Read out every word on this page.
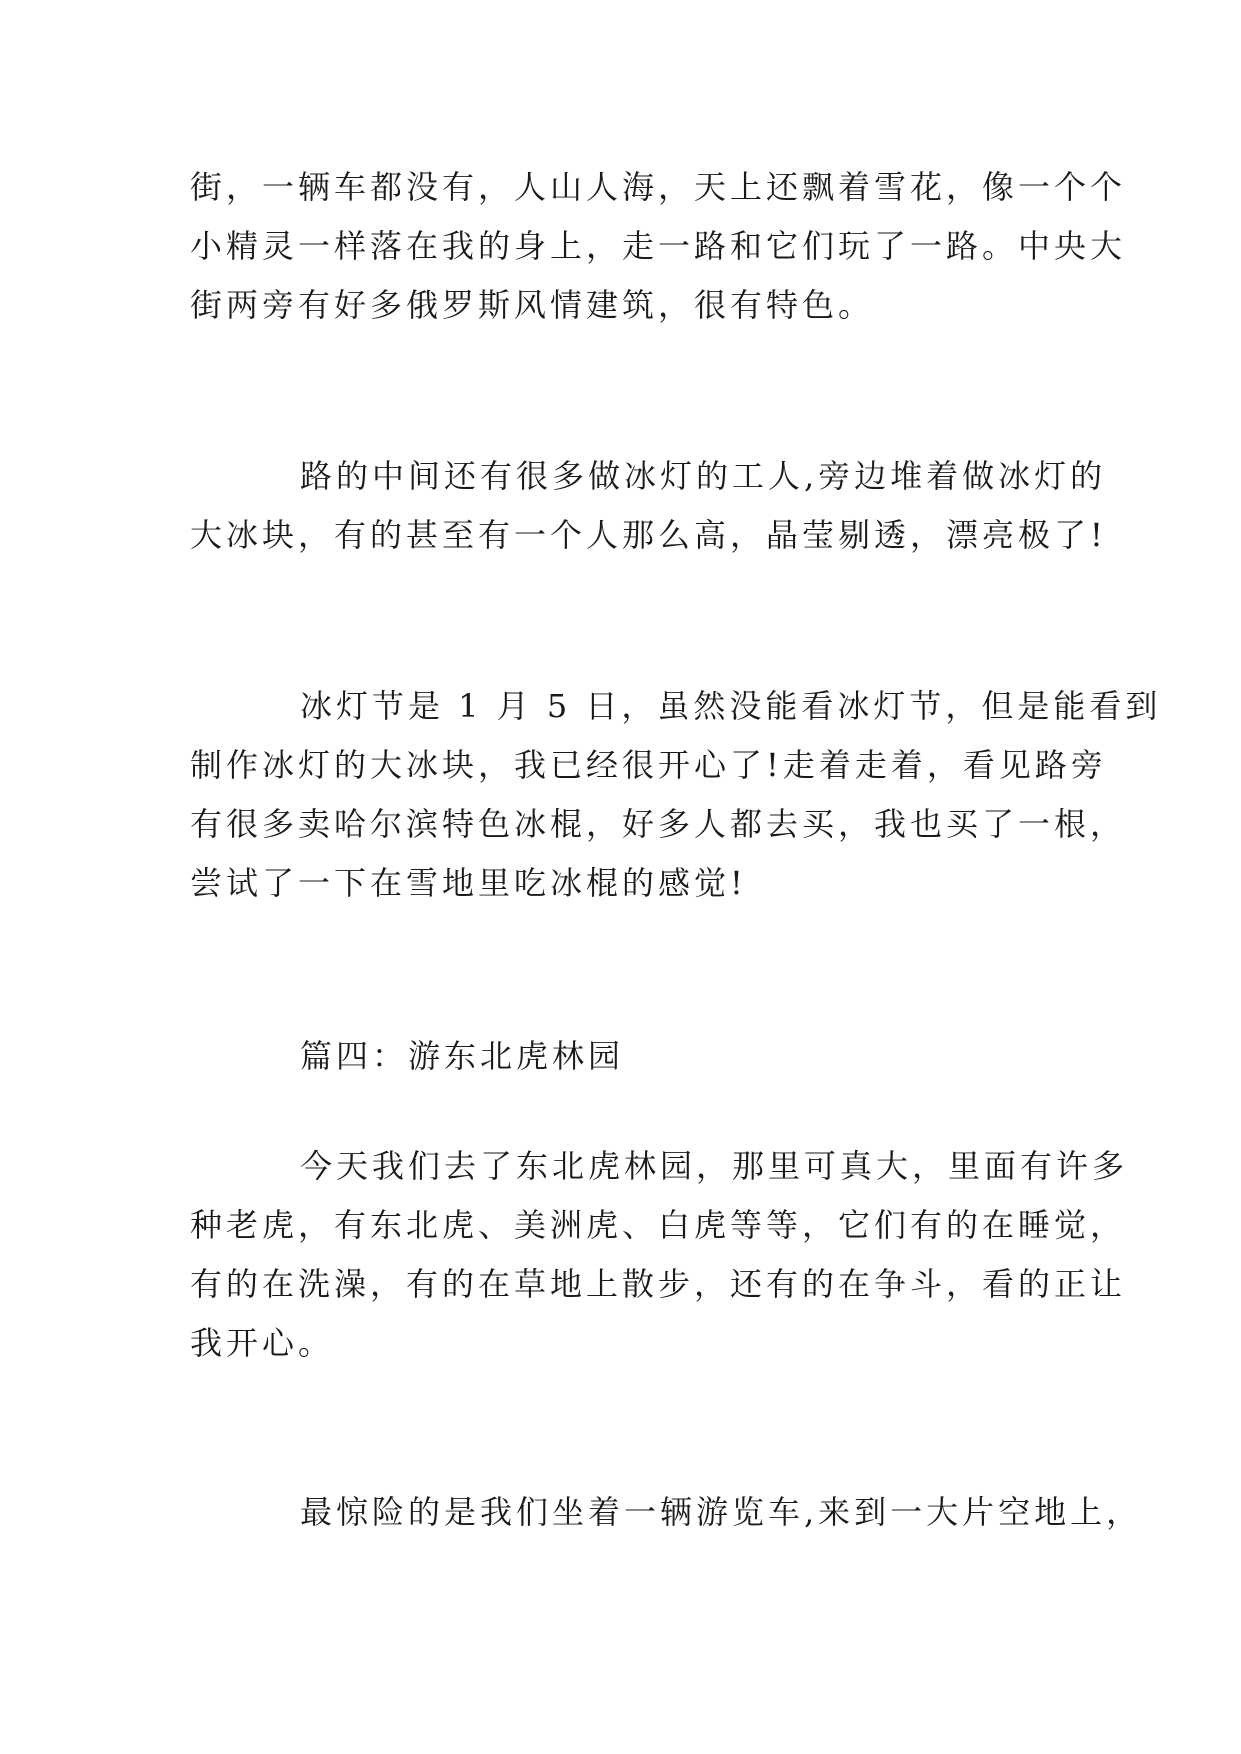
街，一辆车都没有，人山人海，天上还飘着雪花，像一个个
小精灵一样落在我的身上，走一路和它们玩了一路。中央大
街两旁有好多俄罗斯风情建筑，很有特色。
路的中间还有很多做冰灯的工人,旁边堆着做冰灯的
大冰块，有的甚至有一个人那么高，晶莹剔透，漂亮极了!
冰灯节是 1 月 5 日，虽然没能看冰灯节，但是能看到
制作冰灯的大冰块，我已经很开心了!走着走着，看见路旁
有很多卖哈尔滨特色冰棍，好多人都去买，我也买了一根，
尝试了一下在雪地里吃冰棍的感觉!
篇四：游东北虎林园
今天我们去了东北虎林园，那里可真大，里面有许多
种老虎，有东北虎、美洲虎、白虎等等，它们有的在睡觉，
有的在洗澡，有的在草地上散步，还有的在争斗，看的正让
我开心。
最惊险的是我们坐着一辆游览车,来到一大片空地上，
